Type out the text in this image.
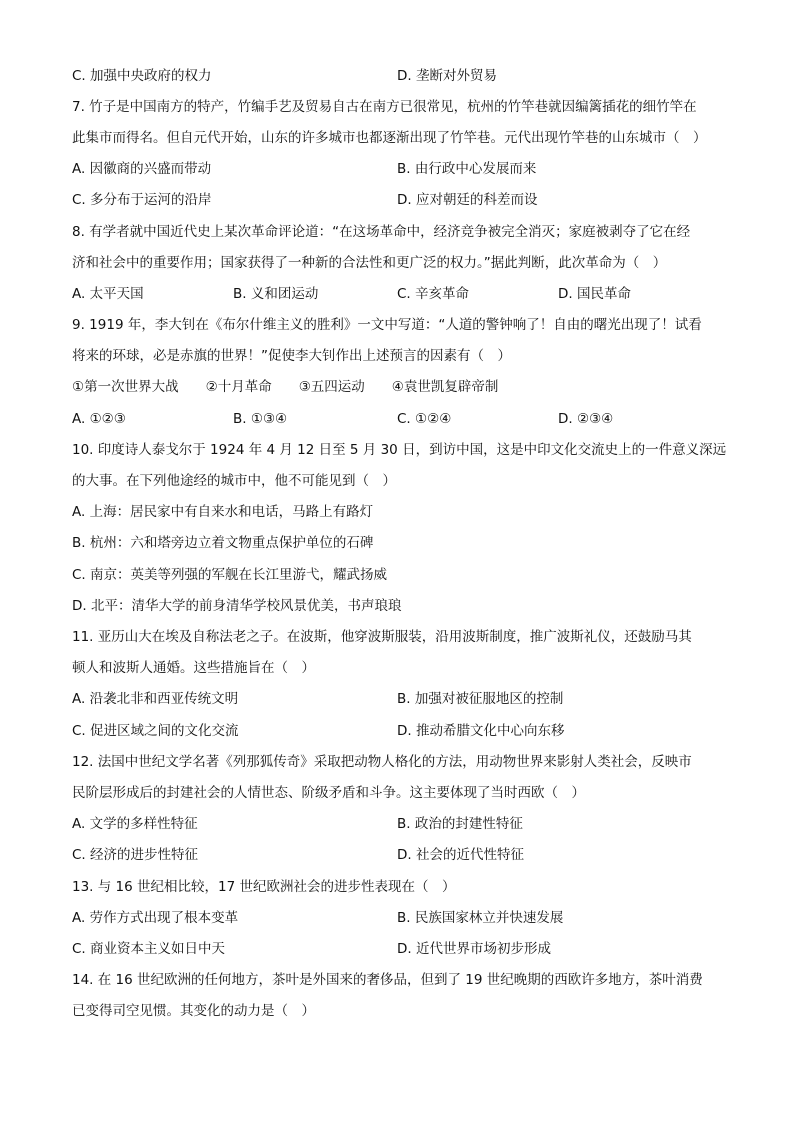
C. 加强中央政府的权力	D. 垄断对外贸易
7. 竹子是中国南方的特产，竹编手艺及贸易自古在南方已很常见，杭州的竹竿巷就因编篱插花的细竹竿在
此集市而得名。但自元代开始，山东的许多城市也都逐渐出现了竹竿巷。元代出现竹竿巷的山东城市（　）
A. 因徽商的兴盛而带动	B. 由行政中心发展而来
C. 多分布于运河的沿岸	D. 应对朝廷的科差而设
8. 有学者就中国近代史上某次革命评论道：“在这场革命中，经济竞争被完全消灭；家庭被剥夺了它在经
济和社会中的重要作用；国家获得了一种新的合法性和更广泛的权力。”据此判断，此次革命为（　）
A. 太平天国	B. 义和团运动	C. 辛亥革命	D. 国民革命
9. 1919 年，李大钊在《布尔什维主义的胜利》一文中写道：“人道的警钟响了！自由的曙光出现了！试看
将来的环球，必是赤旗的世界！”促使李大钊作出上述预言的因素有（　）
①第一次世界大战　　②十月革命　　③五四运动　　④袁世凯复辟帝制
A. ①②③	B. ①③④	C. ①②④	D. ②③④
10. 印度诗人泰戈尔于 1924 年 4 月 12 日至 5 月 30 日，到访中国，这是中印文化交流史上的一件意义深远
的大事。在下列他途经的城市中，他不可能见到（　）
A. 上海：居民家中有自来水和电话，马路上有路灯
B. 杭州：六和塔旁边立着文物重点保护单位的石碑
C. 南京：英美等列强的军舰在长江里游弋，耀武扬威
D. 北平：清华大学的前身清华学校风景优美，书声琅琅
11. 亚历山大在埃及自称法老之子。在波斯，他穿波斯服装，沿用波斯制度，推广波斯礼仪，还鼓励马其
顿人和波斯人通婚。这些措施旨在（　）
A. 沿袭北非和西亚传统文明	B. 加强对被征服地区的控制
C. 促进区域之间的文化交流	D. 推动希腊文化中心向东移
12. 法国中世纪文学名著《列那狐传奇》采取把动物人格化的方法，用动物世界来影射人类社会，反映市
民阶层形成后的封建社会的人情世态、阶级矛盾和斗争。这主要体现了当时西欧（　）
A. 文学的多样性特征	B. 政治的封建性特征
C. 经济的进步性特征	D. 社会的近代性特征
13. 与 16 世纪相比较，17 世纪欧洲社会的进步性表现在（　）
A. 劳作方式出现了根本变革	B. 民族国家林立并快速发展
C. 商业资本主义如日中天	D. 近代世界市场初步形成
14. 在 16 世纪欧洲的任何地方，茶叶是外国来的奢侈品，但到了 19 世纪晚期的西欧许多地方，茶叶消费
已变得司空见惯。其变化的动力是（　）
